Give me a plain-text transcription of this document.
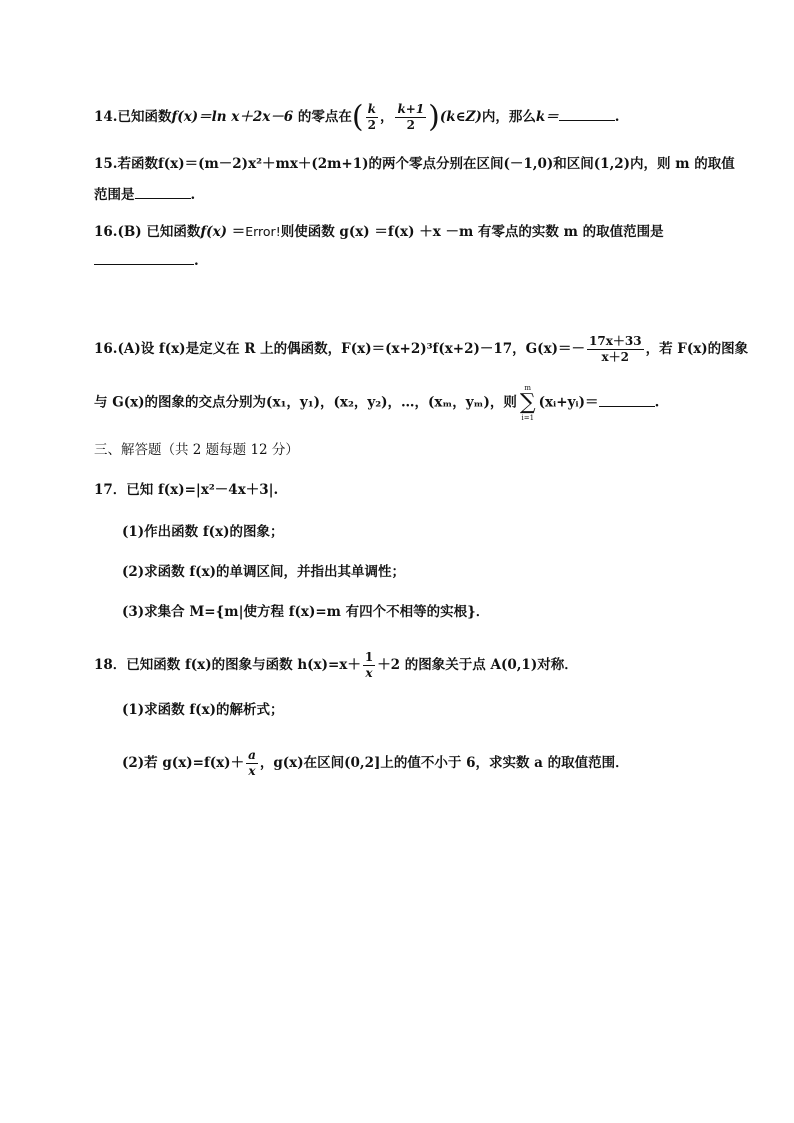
14.已知函数f(x)＝ln x＋2x－6 的零点在( $\frac{k}{2}$ ， $\frac{k+1}{2}$ )(k∈Z)内，那么k＝	.
15.若函数f(x)＝(m－2)x²＋mx＋(2m+1)的两个零点分别在区间(－1,0)和区间(1,2)内，则 m 的取值
范围是	.
16.(B) 已知函数f(x) ＝Error!则使函数 g(x) ＝f(x) ＋x －m 有零点的实数 m 的取值范围是
.
16.(A)设 f(x)是定义在 R 上的偶函数，F(x)＝(x+2)³f(x+2)－17，$G(x)=- \frac{17x+33}{x+2}$ ，若 F(x)的图象
与 G(x)的图象的交点分别为(x₁，y₁)，(x₂，y₂)，…，(xₘ，yₘ)，则
m
∑
i=1
(xᵢ+yᵢ)＝	.
三、解答题（共 2 题每题 12 分）
17．已知 f(x)=|x²－4x＋3|.
(1)作出函数 f(x)的图象；
(2)求函数 f(x)的单调区间，并指出其单调性；
(3)求集合 M={m|使方程 f(x)=m 有四个不相等的实根}．
18．已知函数 f(x)的图象与函数 $h(x)=x+ \frac{1}{x} +2$ 的图象关于点 A(0,1)对称．
(1)求函数 f(x)的解析式；
(2)若 $g(x)=f(x)+ \frac{a}{x}$ ，g(x)在区间(0,2]上的值不小于 6，求实数 a 的取值范围．
